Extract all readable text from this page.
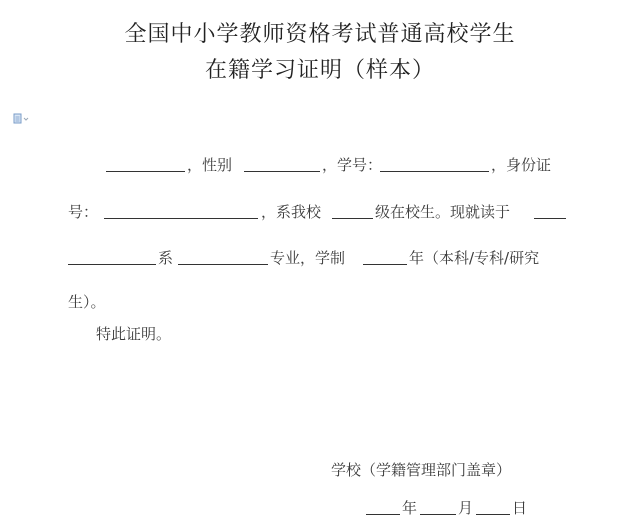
全国中小学教师资格考试普通高校学生
在籍学习证明（样本）
，性别	，学号：	，身份证
号：	，系我校	级在校生。现就读于
系	专业，学制	年（本科/专科/研究
生）。
特此证明。
学校（学籍管理部门盖章）
年	月	日
